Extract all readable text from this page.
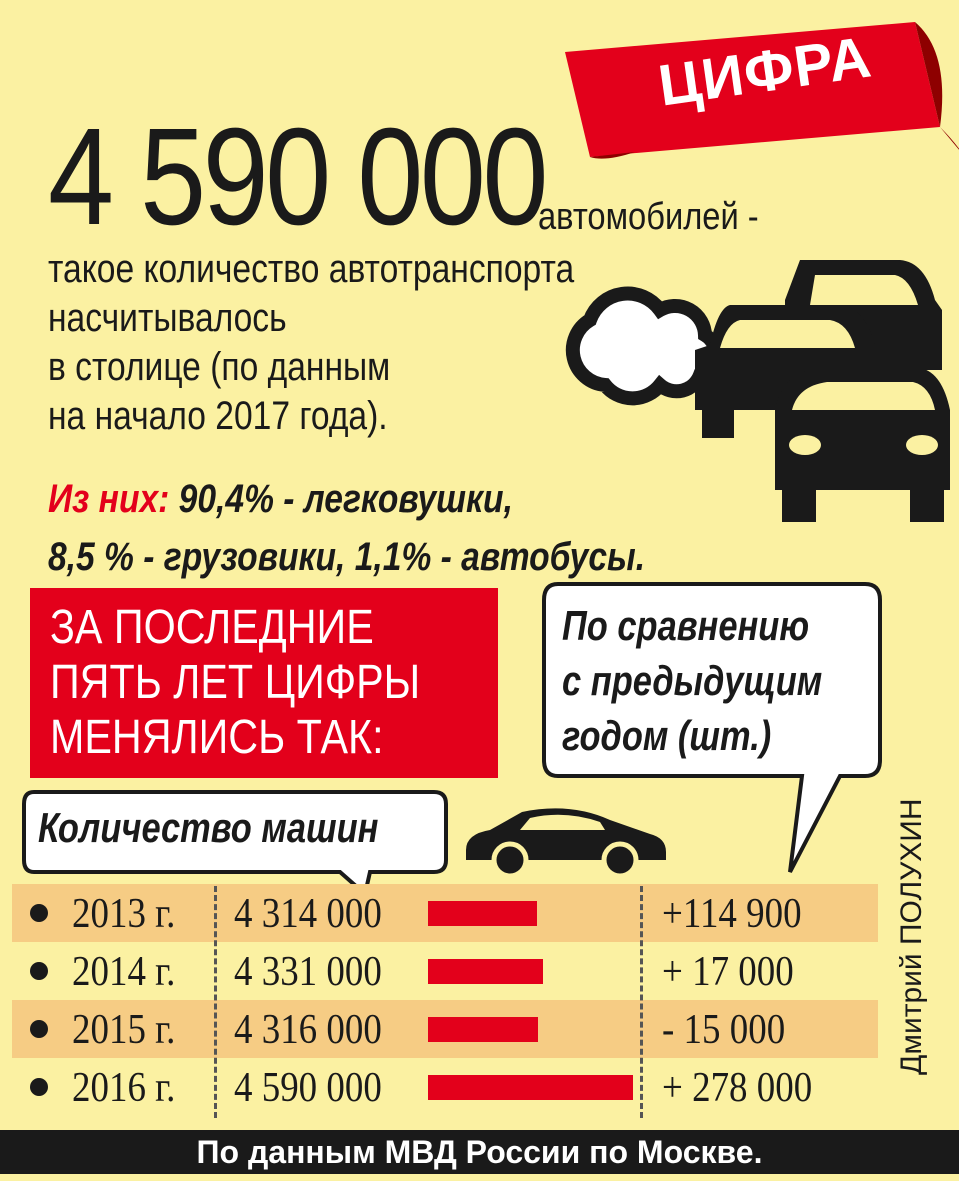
ЦИФРА
4 590 000
автомобилей -
такое количество автотранспорта
насчитывалось
в столице (по данным
на начало 2017 года).
Из них: 90,4% - легковушки,
8,5 % - грузовики, 1,1% - автобусы.
ЗА ПОСЛЕДНИЕ
ПЯТЬ ЛЕТ ЦИФРЫ
МЕНЯЛИСЬ ТАК:
По сравнению
с предыдущим
годом (шт.)
Количество машин	Дмитрий ПОЛУХИН
2013 г. 4 314 000	+114 900
2014 г. 4 331 000	+ 17 000
2015 г. 4 316 000	- 15 000
2016 г. 4 590 000	+ 278 000
По данным МВД России по Москве.
